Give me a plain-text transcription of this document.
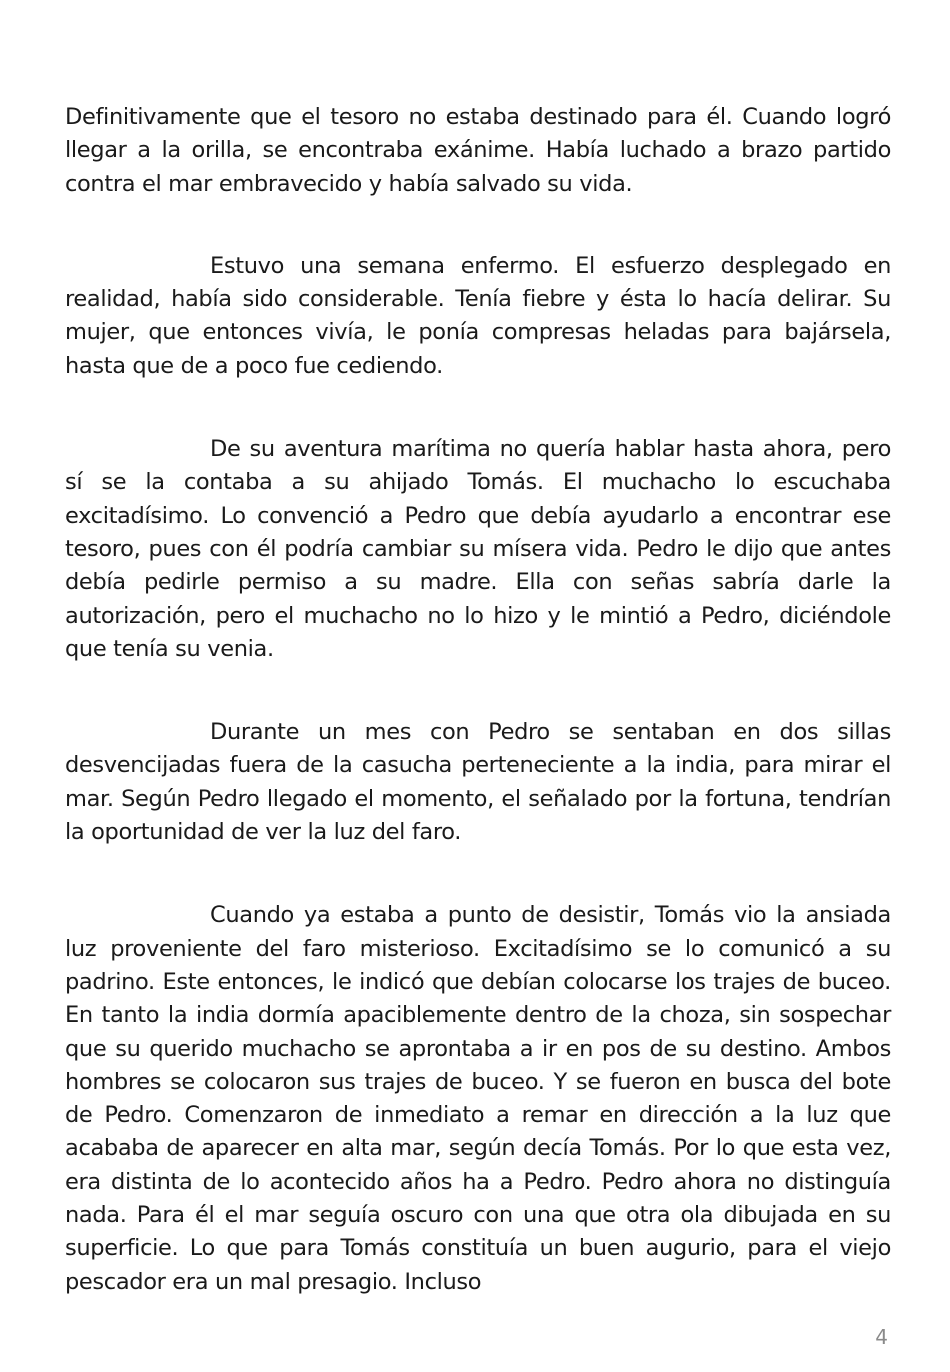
Definitivamente que el tesoro no estaba destinado para él. Cuando logró llegar a la orilla, se encontraba exánime. Había luchado a brazo partido contra el mar embravecido y había salvado su vida.

Estuvo una semana enfermo. El esfuerzo desplegado en realidad, había sido considerable. Tenía fiebre y ésta lo hacía delirar. Su mujer, que entonces vivía, le ponía compresas heladas para bajársela, hasta que de a poco fue cediendo.

De su aventura marítima no quería hablar hasta ahora, pero sí se la contaba a su ahijado Tomás. El muchacho lo escuchaba excitadísimo. Lo convenció a Pedro que debía ayudarlo a encontrar ese tesoro, pues con él podría cambiar su mísera vida. Pedro le dijo que antes debía pedirle permiso a su madre. Ella con señas sabría darle la autorización, pero el muchacho no lo hizo y le mintió a Pedro, diciéndole que tenía su venia.

Durante un mes con Pedro se sentaban en dos sillas desvencijadas fuera de la casucha perteneciente a la india, para mirar el mar. Según Pedro llegado el momento, el señalado por la fortuna, tendrían la oportunidad de ver la luz del faro.

Cuando ya estaba a punto de desistir, Tomás vio la ansiada luz proveniente del faro misterioso. Excitadísimo se lo comunicó a su padrino. Este entonces, le indicó que debían colocarse los trajes de buceo. En tanto la india dormía apaciblemente dentro de la choza, sin sospechar que su querido muchacho se aprontaba a ir en pos de su destino. Ambos hombres se colocaron sus trajes de buceo. Y se fueron en busca del bote de Pedro. Comenzaron de inmediato a remar en dirección a la luz que acababa de aparecer en alta mar, según decía Tomás. Por lo que esta vez, era distinta de lo acontecido años ha a Pedro. Pedro ahora no distinguía nada. Para él el mar seguía oscuro con una que otra ola dibujada en su superficie. Lo que para Tomás constituía un buen augurio, para el viejo pescador era un mal presagio. Incluso

4
